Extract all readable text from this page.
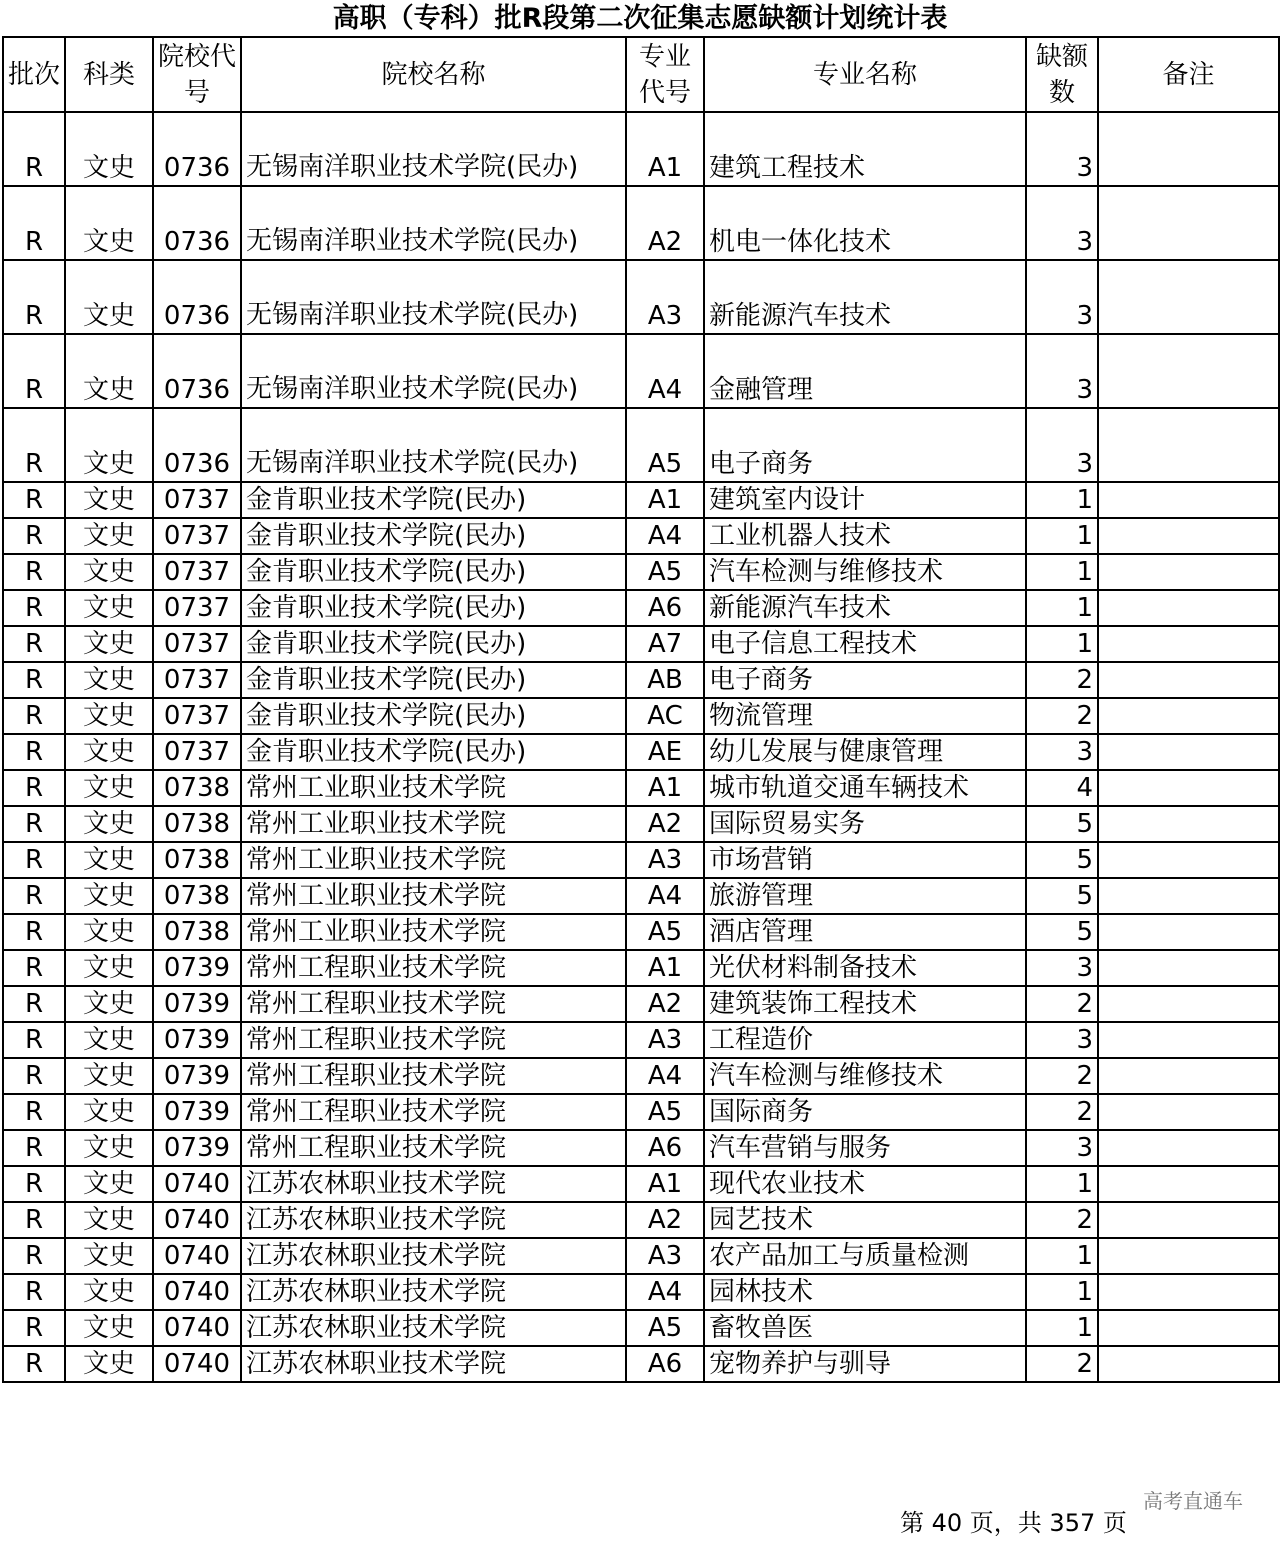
高职（专科）批R段第二次征集志愿缺额计划统计表
批次	科类	院校代号	院校名称	专业代号	专业名称	缺额数	备注
R	文史	0736	无锡南洋职业技术学院(民办)	A1	建筑工程技术	3	
R	文史	0736	无锡南洋职业技术学院(民办)	A2	机电一体化技术	3	
R	文史	0736	无锡南洋职业技术学院(民办)	A3	新能源汽车技术	3	
R	文史	0736	无锡南洋职业技术学院(民办)	A4	金融管理	3	
R	文史	0736	无锡南洋职业技术学院(民办)	A5	电子商务	3	
R	文史	0737	金肯职业技术学院(民办)	A1	建筑室内设计	1	
R	文史	0737	金肯职业技术学院(民办)	A4	工业机器人技术	1	
R	文史	0737	金肯职业技术学院(民办)	A5	汽车检测与维修技术	1	
R	文史	0737	金肯职业技术学院(民办)	A6	新能源汽车技术	1	
R	文史	0737	金肯职业技术学院(民办)	A7	电子信息工程技术	1	
R	文史	0737	金肯职业技术学院(民办)	AB	电子商务	2	
R	文史	0737	金肯职业技术学院(民办)	AC	物流管理	2	
R	文史	0737	金肯职业技术学院(民办)	AE	幼儿发展与健康管理	3	
R	文史	0738	常州工业职业技术学院	A1	城市轨道交通车辆技术	4	
R	文史	0738	常州工业职业技术学院	A2	国际贸易实务	5	
R	文史	0738	常州工业职业技术学院	A3	市场营销	5	
R	文史	0738	常州工业职业技术学院	A4	旅游管理	5	
R	文史	0738	常州工业职业技术学院	A5	酒店管理	5	
R	文史	0739	常州工程职业技术学院	A1	光伏材料制备技术	3	
R	文史	0739	常州工程职业技术学院	A2	建筑装饰工程技术	2	
R	文史	0739	常州工程职业技术学院	A3	工程造价	3	
R	文史	0739	常州工程职业技术学院	A4	汽车检测与维修技术	2	
R	文史	0739	常州工程职业技术学院	A5	国际商务	2	
R	文史	0739	常州工程职业技术学院	A6	汽车营销与服务	3	
R	文史	0740	江苏农林职业技术学院	A1	现代农业技术	1	
R	文史	0740	江苏农林职业技术学院	A2	园艺技术	2	
R	文史	0740	江苏农林职业技术学院	A3	农产品加工与质量检测	1	
R	文史	0740	江苏农林职业技术学院	A4	园林技术	1	
R	文史	0740	江苏农林职业技术学院	A5	畜牧兽医	1	
R	文史	0740	江苏农林职业技术学院	A6	宠物养护与驯导	2	
高考直通车
第 40 页，共 357 页
